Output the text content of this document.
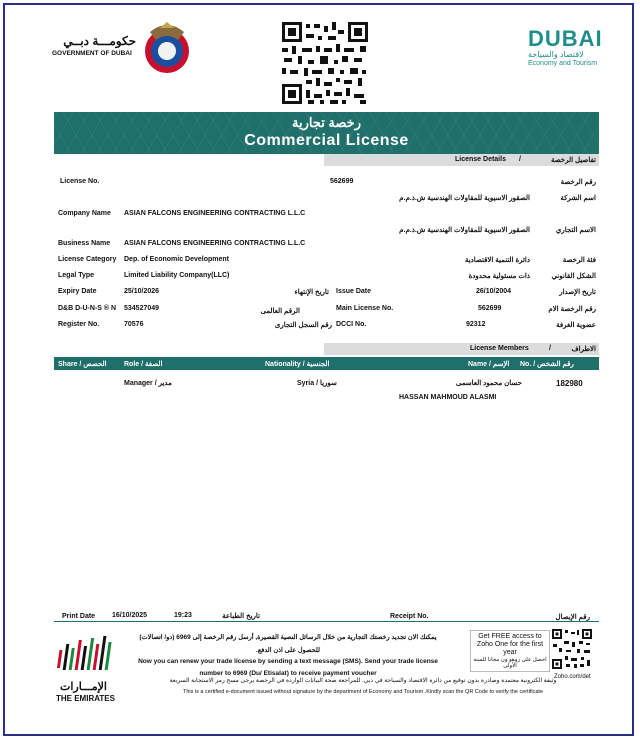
حكومـــة دبــي
GOVERNMENT OF DUBAI
DUBAI
لاقتصاد والسياحة
Economy and Tourism
رخصة تجارية
Commercial License
License Details /	تفاصيل الرخصة
License No.	562699	رقم الرخصة
الصقور الاسيوية للمقاولات الهندسية ش.ذ.م.م	اسم الشركة
Company Name ASIAN FALCONS ENGINEERING CONTRACTING L.L.C
الصقور الاسيوية للمقاولات الهندسية ش.ذ.م.م	الاسم التجاري
Business Name ASIAN FALCONS ENGINEERING CONTRACTING L.L.C
License Category Dep. of Economic Development	دائرة التنمية الاقتصادية	فئة الرخصة
Legal Type	Limited Liability Company(LLC)	ذات مسئولية محدودة	الشكل القانوني
Expiry Date	25/10/2026	تاريخ الإنتهاء Issue Date	26/10/2004	تاريخ الإصدار
D&B D-U-N-S ® N 534527049	الرقم العالمى	Main License No.	562699	رقم الرخصة الام
Register No.	70576	رقم السجل التجارى DCCI No.	92312	عضوية الغرفة
License Members	/	الاطراف
Share / الحصص Role / الصفة	Nationality / الجنسية	Name / الإسم No. / رقم الشخص
Manager / مدير	Syria / سوريا	حسان محمود العاسمى	182980
HASSAN MAHMOUD ALASMI
Print Date 16/10/2025	19:23	تاريخ الطباعة	Receipt No.	رقم الإيصال
الإمـــارات
THE EMIRATES
يمكنك الان تجديد رخصتك التجارية من خلال الرسائل النصية القصيرة, أرسل رقم الرخصة إلى 6969 (دو/ اتصالات) للحصول على اذن الدفع.
Now you can renew your trade license by sending a text message (SMS). Send your trade license number to 6969 (Du/ Etisalat) to receive payment voucher
Get FREE access to Zoho One for the first year
احصل على زوهو ون مجانا للسنة الأولى
Zoho.com/det
وثيقة الكترونية معتمدة وصادرة بدون توقيع من دائرة الاقتصاد والسياحة في دبي. للمراجعة صحة البيانات الواردة في الرخصة يرجى مسح رمز الاستجابة السريعة
This is a certified e-document issued without signature by the department of Economy and Tourism .Kindly scan the QR Code to verify the certificate
